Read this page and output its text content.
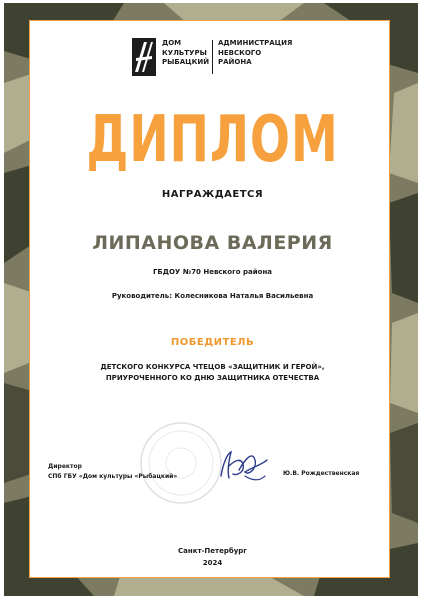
ДОМ
КУЛЬТУРЫ
РЫБАЦКИЙ
АДМИНИСТРАЦИЯ
НЕВСКОГО
РАЙОНА
ДИПЛОМ
НАГРАЖДАЕТСЯ
ЛИПАНОВА ВАЛЕРИЯ
ГБДОУ №70 Невского района
Руководитель: Колесникова Наталья Васильевна
ПОБЕДИТЕЛЬ
ДЕТСКОГО КОНКУРСА ЧТЕЦОВ «ЗАЩИТНИК И ГЕРОЙ»,
ПРИУРОЧЕННОГО КО ДНЮ ЗАЩИТНИКА ОТЕЧЕСТВА
Директор
СПб ГБУ «Дом культуры «Рыбацкий»	Ю.В. Рождественская
Санкт-Петербург
2024
